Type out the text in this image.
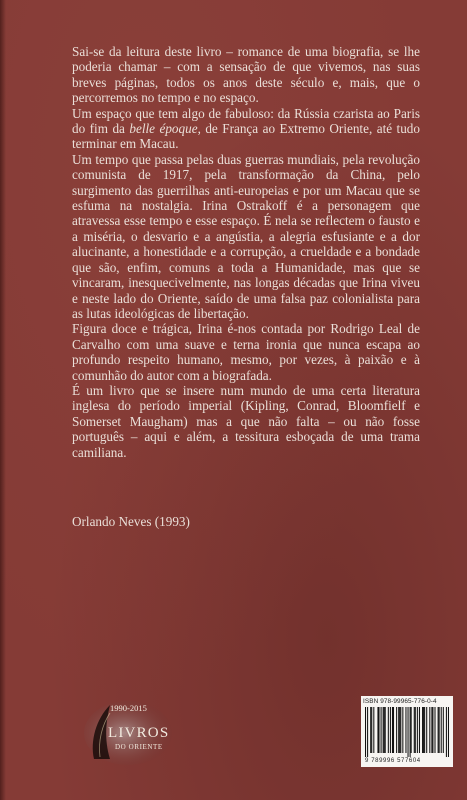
Sai-se da leitura deste livro – romance de uma biografia, se lhe poderia chamar – com a sensação de que vivemos, nas suas breves páginas, todos os anos deste século e, mais, que o percorremos no tempo e no espaço.

Um espaço que tem algo de fabuloso: da Rússia czarista ao Paris do fim da belle époque, de França ao Extremo Oriente, até tudo terminar em Macau.

Um tempo que passa pelas duas guerras mundiais, pela revolução comunista de 1917, pela transformação da China, pelo surgimento das guerrilhas anti-europeias e por um Macau que se esfuma na nostalgia. Irina Ostrakoff é a personagem que atravessa esse tempo e esse espaço. É nela se reflectem o fausto e a miséria, o desvario e a angústia, a alegria esfusiante e a dor alucinante, a honestidade e a corrupção, a crueldade e a bondade que são, enfim, comuns a toda a Humanidade, mas que se vincaram, inesquecivelmente, nas longas décadas que Irina viveu e neste lado do Oriente, saído de uma falsa paz colonialista para as lutas ideológicas de libertação.

Figura doce e trágica, Irina é-nos contada por Rodrigo Leal de Carvalho com uma suave e terna ironia que nunca escapa ao profundo respeito humano, mesmo, por vezes, à paixão e à comunhão do autor com a biografada.

É um livro que se insere num mundo de uma certa literatura inglesa do período imperial (Kipling, Conrad, Bloomfielf e Somerset Maugham) mas a que não falta – ou não fosse português – aqui e além, a tessitura esboçada de uma trama camiliana.

Orlando Neves (1993)
1990-2015
LIVROS
DO ORIENTE
ISBN 978-99965-776-0-4
9 789996 577604
